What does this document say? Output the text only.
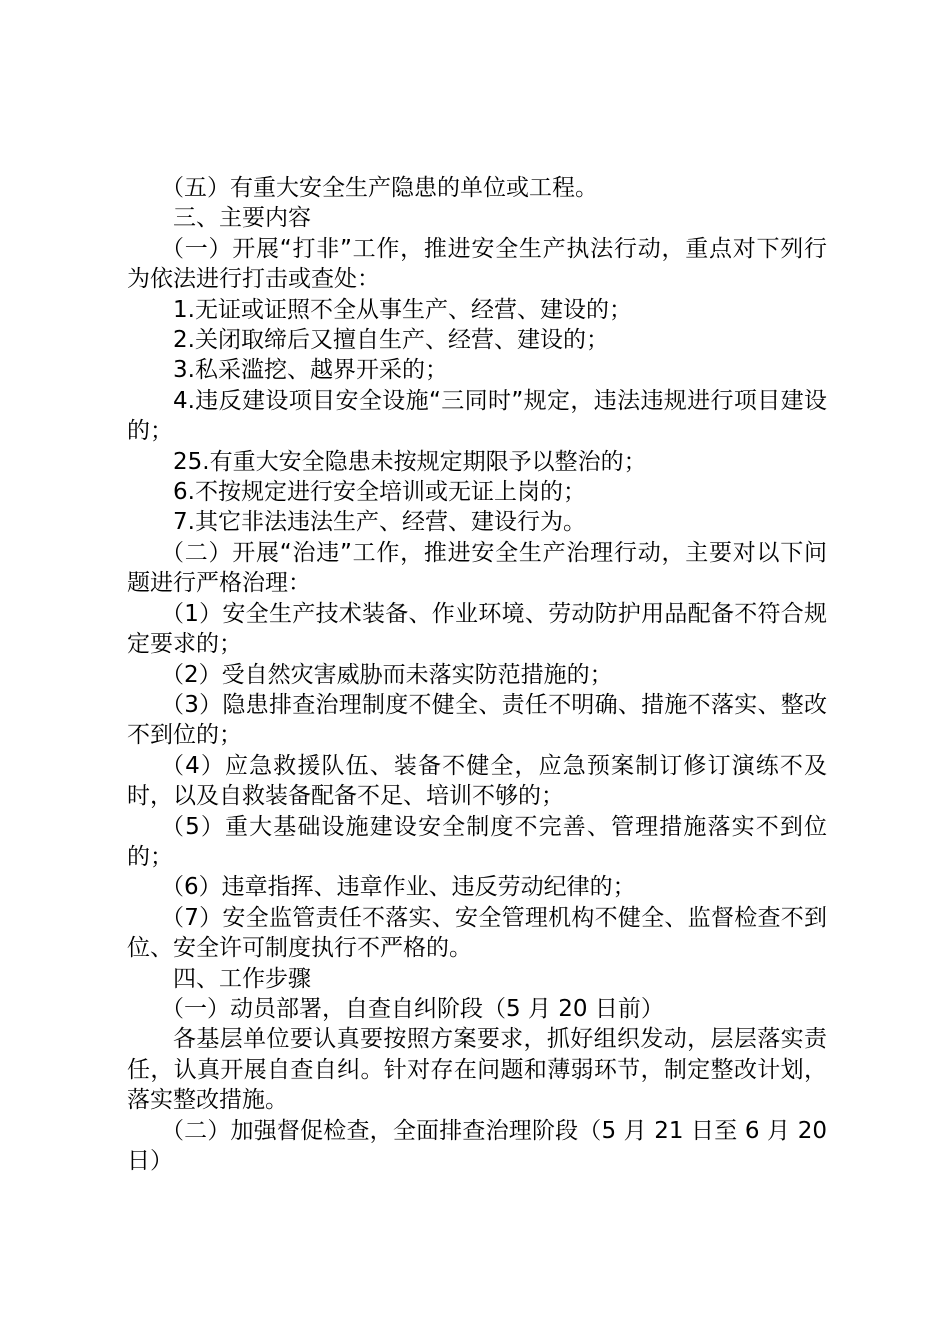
（五）有重大安全生产隐患的单位或工程。

三、主要内容

（一）开展“打非”工作，推进安全生产执法行动，重点对下列行为依法进行打击或查处：

1.无证或证照不全从事生产、经营、建设的；

2.关闭取缔后又擅自生产、经营、建设的；

3.私采滥挖、越界开采的；

4.违反建设项目安全设施“三同时”规定，违法违规进行项目建设的；

25.有重大安全隐患未按规定期限予以整治的；

6.不按规定进行安全培训或无证上岗的；

7.其它非法违法生产、经营、建设行为。

（二）开展“治违”工作，推进安全生产治理行动，主要对以下问题进行严格治理：

（1）安全生产技术装备、作业环境、劳动防护用品配备不符合规定要求的；

（2）受自然灾害威胁而未落实防范措施的；

（3）隐患排查治理制度不健全、责任不明确、措施不落实、整改不到位的；

（4）应急救援队伍、装备不健全，应急预案制订修订演练不及时，以及自救装备配备不足、培训不够的；

（5）重大基础设施建设安全制度不完善、管理措施落实不到位的；

（6）违章指挥、违章作业、违反劳动纪律的；

（7）安全监管责任不落实、安全管理机构不健全、监督检查不到位、安全许可制度执行不严格的。

四、工作步骤

（一）动员部署，自查自纠阶段（5 月 20 日前）

各基层单位要认真要按照方案要求，抓好组织发动，层层落实责任，认真开展自查自纠。针对存在问题和薄弱环节，制定整改计划，落实整改措施。

（二）加强督促检查，全面排查治理阶段（5 月 21 日至 6 月 20 日）
